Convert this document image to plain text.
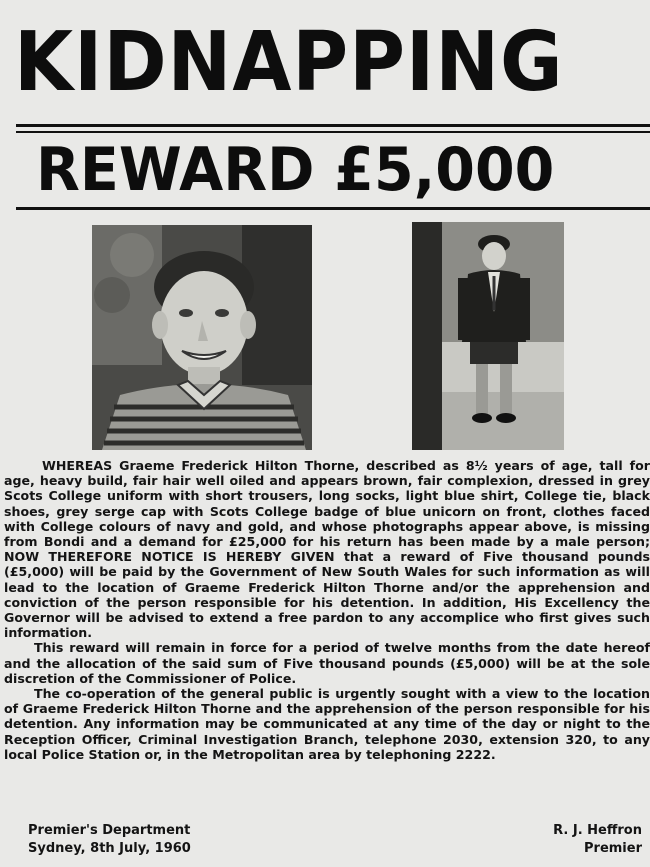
KIDNAPPING
REWARD £5,000

WHEREAS Graeme Frederick Hilton Thorne, described as 8½ years of age, tall for age, heavy build, fair hair well oiled and appears brown, fair complexion, dressed in grey Scots College uniform with short trousers, long socks, light blue shirt, College tie, black shoes, grey serge cap with Scots College badge of blue unicorn on front, clothes faced with College colours of navy and gold, and whose photographs appear above, is missing from Bondi and a demand for £25,000 for his return has been made by a male person; NOW THEREFORE NOTICE IS HEREBY GIVEN that a reward of Five thousand pounds (£5,000) will be paid by the Government of New South Wales for such information as will lead to the location of Graeme Frederick Hilton Thorne and/or the apprehension and conviction of the person responsible for his detention. In addition, His Excellency the Governor will be advised to extend a free pardon to any accomplice who first gives such information.

This reward will remain in force for a period of twelve months from the date hereof and the allocation of the said sum of Five thousand pounds (£5,000) will be at the sole discretion of the Commissioner of Police.

The co-operation of the general public is urgently sought with a view to the location of Graeme Frederick Hilton Thorne and the apprehension of the person responsible for his detention. Any information may be communicated at any time of the day or night to the Reception Officer, Criminal Investigation Branch, telephone 2030, extension 320, to any local Police Station or, in the Metropolitan area by telephoning 2222.

Premier's Department
Sydney, 8th July, 1960
R. J. Heffron
Premier
